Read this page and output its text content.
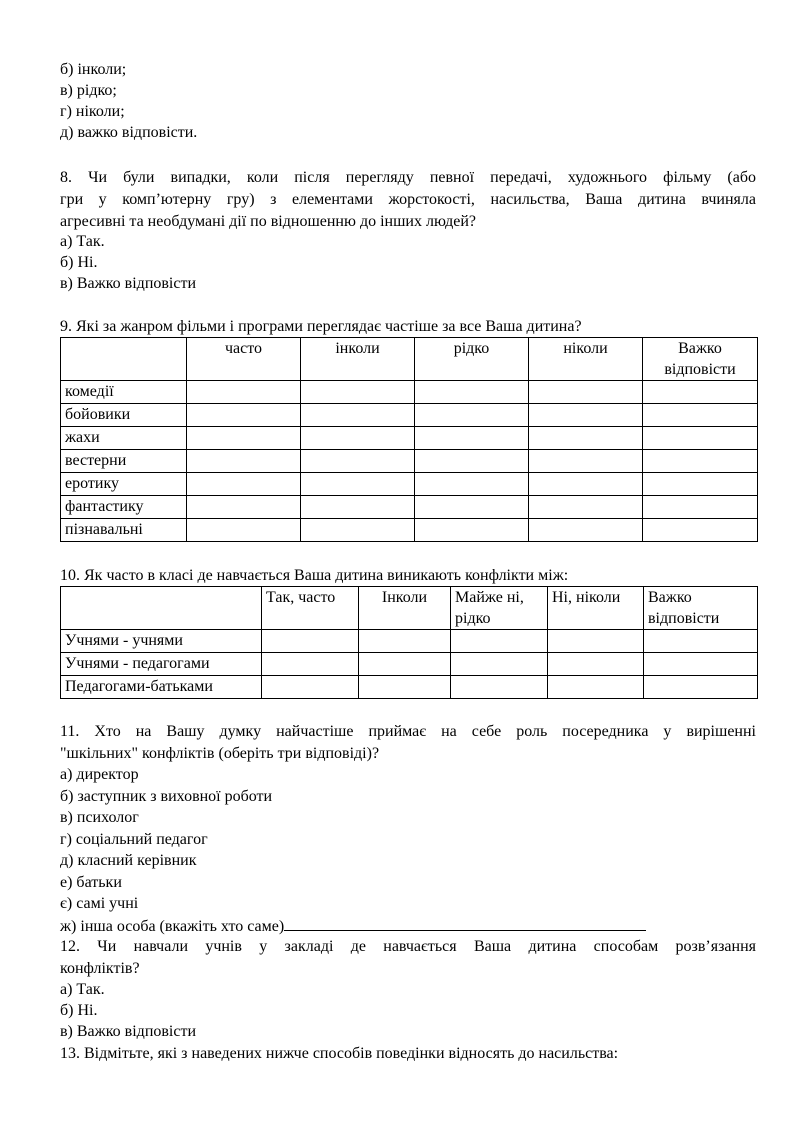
б) інколи;
в) рідко;
г) ніколи;
д) важко відповісти.
8. Чи були випадки, коли після перегляду певної передачі, художнього фільму (або
гри у комп’ютерну гру) з елементами жорстокості, насильства, Ваша дитина вчиняла
агресивні та необдумані дії по відношенню до інших людей?
а) Так.
б) Ні.
в) Важко відповісти
9. Які за жанром фільми і програми переглядає частіше за все Ваша дитина?
	часто	інколи	рідко	ніколи	Важко відповісти
комедії					
бойовики					
жахи					
вестерни					
еротику					
фантастику					
пізнавальні					
10. Як часто в класі де навчається Ваша дитина виникають конфлікти між:
	Так, часто	Інколи	Майже ні, рідко	Ні, ніколи	Важко відповісти
Учнями - учнями					
Учнями - педагогами					
Педагогами-батьками					
11. Хто на Вашу думку найчастіше приймає на себе роль посередника у вирішенні
"шкільних" конфліктів (оберіть три відповіді)?
а) директор
б) заступник з виховної роботи
в) психолог
г) соціальний педагог
д) класний керівник
е) батьки
є) самі учні
ж) інша особа (вкажіть хто саме)
12. Чи навчали учнів у закладі де навчається Ваша дитина способам розв’язання
конфліктів?
а) Так.
б) Ні.
в) Важко відповісти
13. Відмітьте, які з наведених нижче способів поведінки відносять до насильства:
